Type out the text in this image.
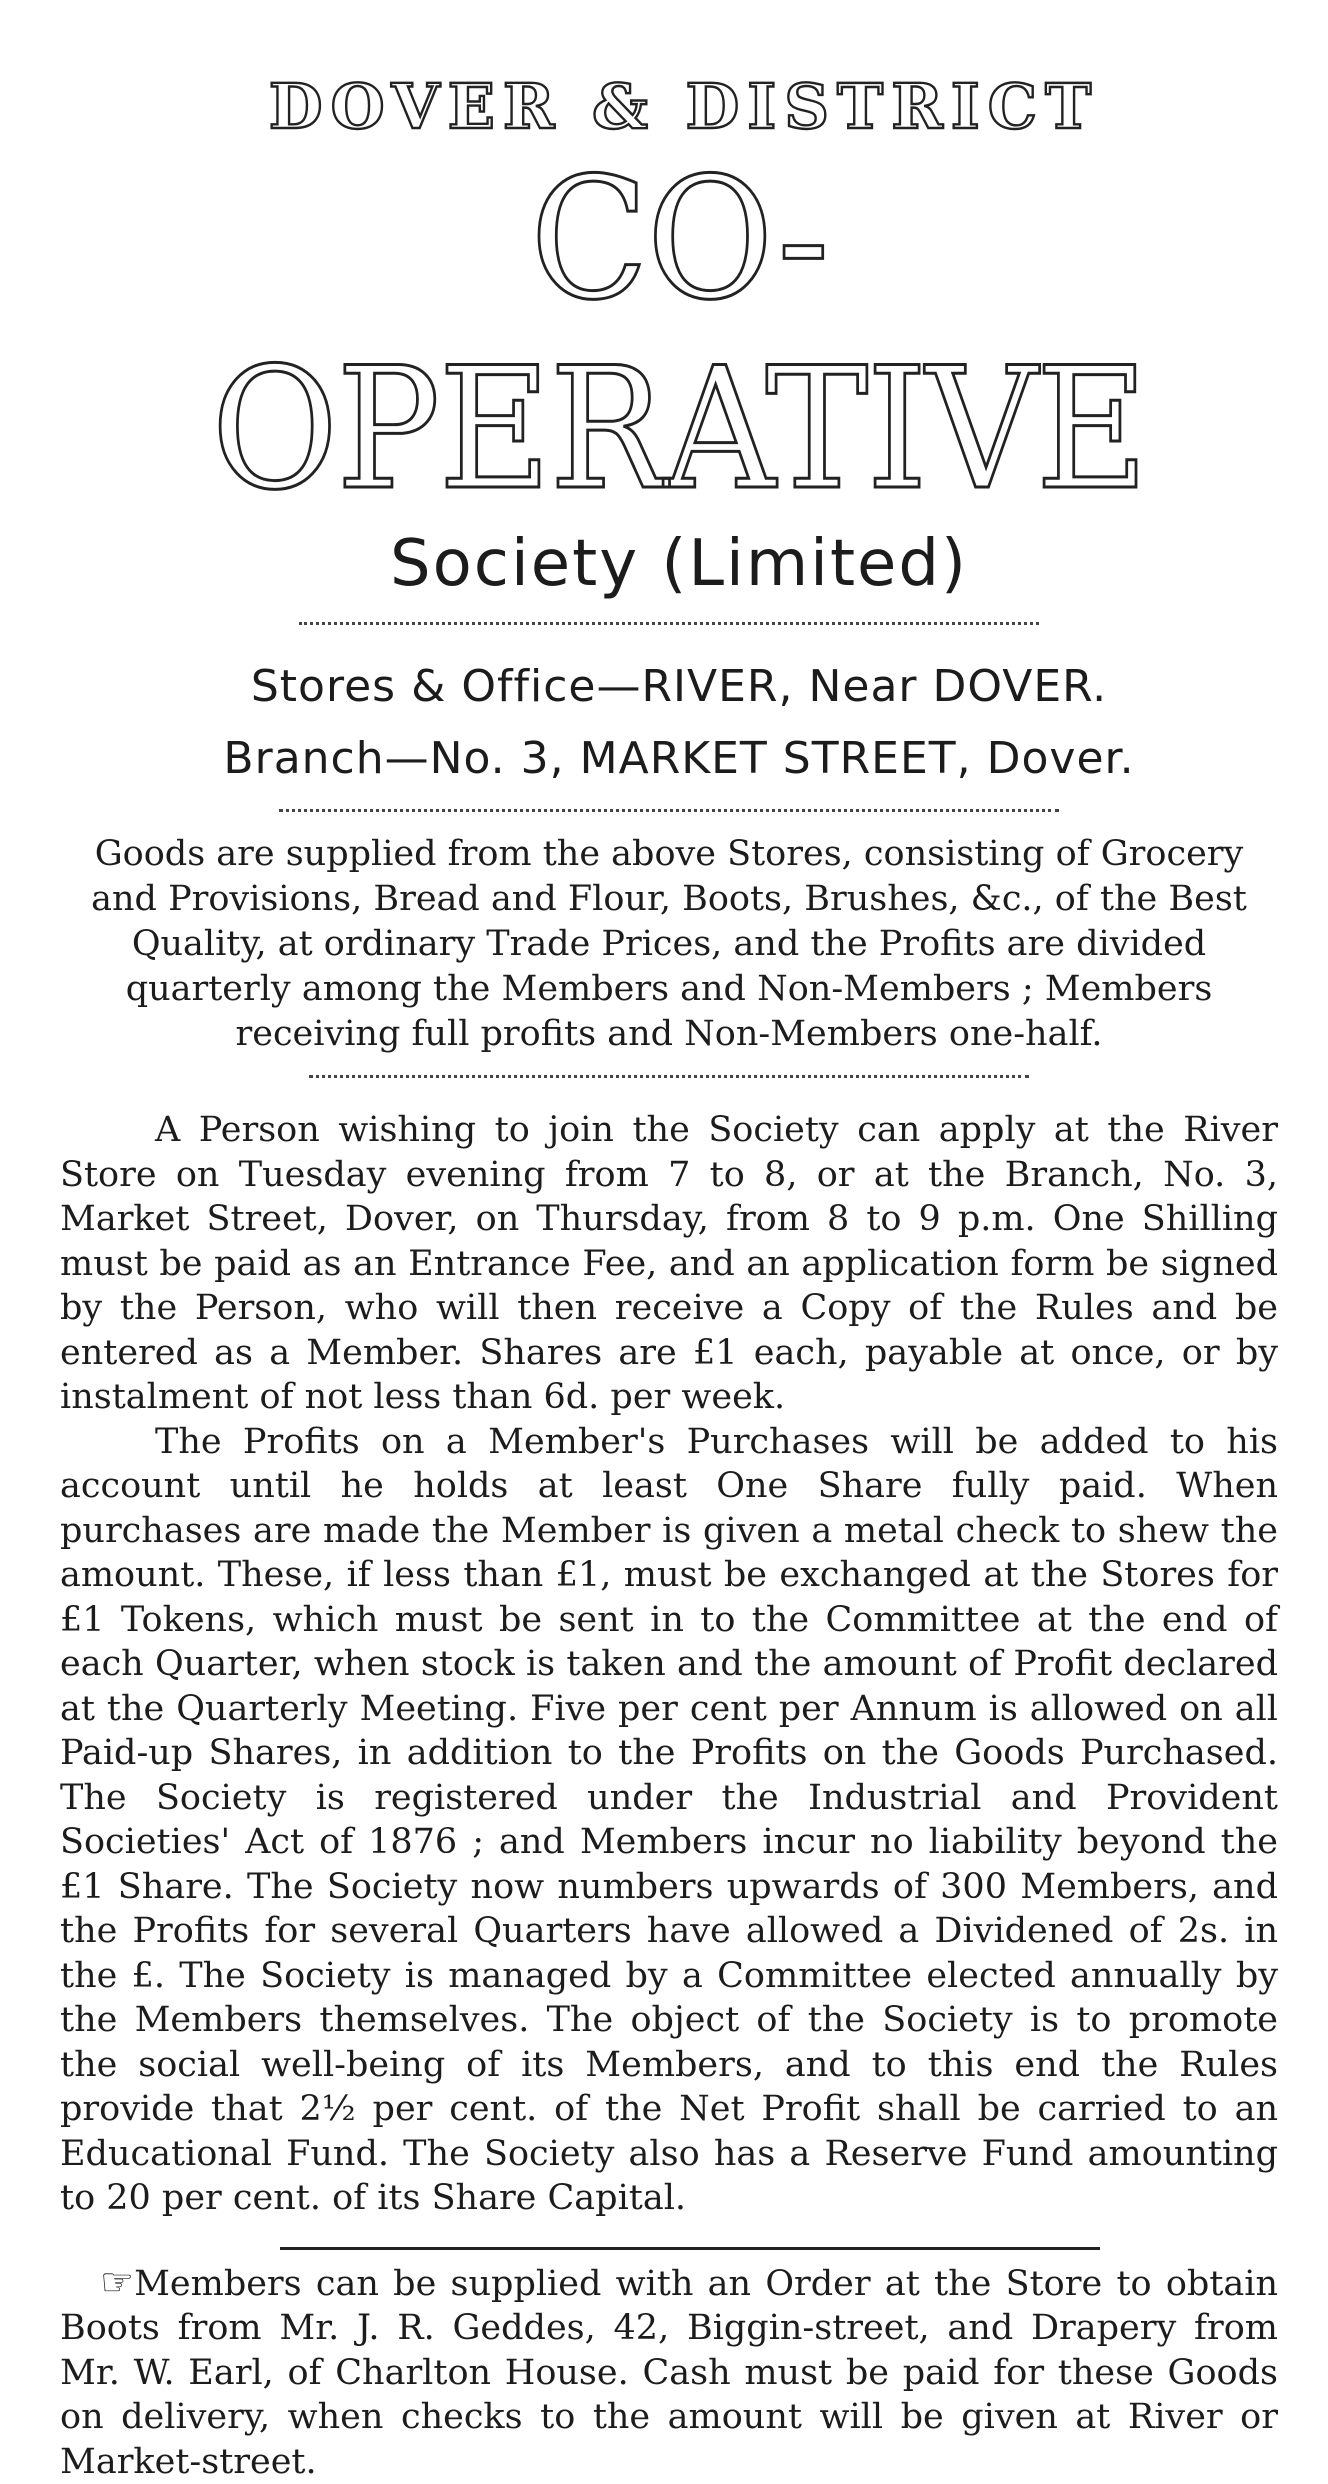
DOVER & DISTRICT
CO-OPERATIVE
Society (Limited)
Stores & Office—RIVER, Near DOVER.
Branch—No. 3, MARKET STREET, Dover.

Goods are supplied from the above Stores, consisting of Grocery and Provisions, Bread and Flour, Boots, Brushes, &c., of the Best Quality, at ordinary Trade Prices, and the Profits are divided quarterly among the Members and Non-Members ; Members receiving full profits and Non-Members one-half.

A Person wishing to join the Society can apply at the River Store on Tuesday evening from 7 to 8, or at the Branch, No. 3, Market Street, Dover, on Thursday, from 8 to 9 p.m. One Shilling must be paid as an Entrance Fee, and an application form be signed by the Person, who will then receive a Copy of the Rules and be entered as a Member. Shares are £1 each, payable at once, or by instalment of not less than 6d. per week.

The Profits on a Member's Purchases will be added to his account until he holds at least One Share fully paid. When purchases are made the Member is given a metal check to shew the amount. These, if less than £1, must be exchanged at the Stores for £1 Tokens, which must be sent in to the Committee at the end of each Quarter, when stock is taken and the amount of Profit declared at the Quarterly Meeting. Five per cent per Annum is allowed on all Paid-up Shares, in addition to the Profits on the Goods Purchased. The Society is registered under the Industrial and Provident Societies' Act of 1876 ; and Members incur no liability beyond the £1 Share. The Society now numbers upwards of 300 Members, and the Profits for several Quarters have allowed a Dividened of 2s. in the £. The Society is managed by a Committee elected annually by the Members themselves. The object of the Society is to promote the social well-being of its Members, and to this end the Rules provide that 2½ per cent. of the Net Profit shall be carried to an Educational Fund. The Society also has a Reserve Fund amounting to 20 per cent. of its Share Capital.

☞Members can be supplied with an Order at the Store to obtain Boots from Mr. J. R. Geddes, 42, Biggin-street, and Drapery from Mr. W. Earl, of Charlton House. Cash must be paid for these Goods on delivery, when checks to the amount will be given at River or Market-street.
